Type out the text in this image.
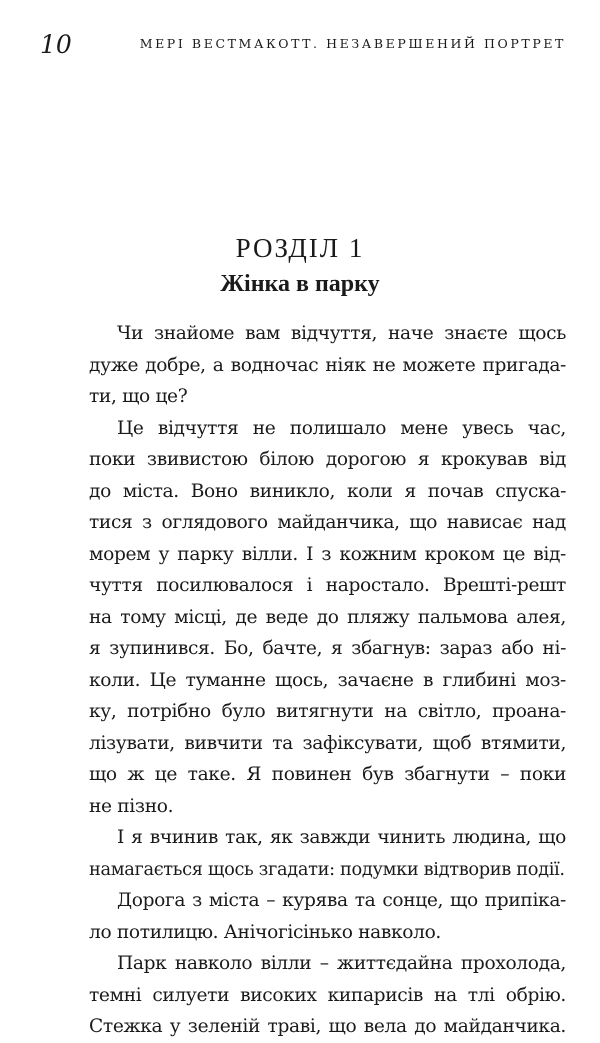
10	МЕРІ ВЕСТМАКОТТ. НЕЗАВЕРШЕНИЙ ПОРТРЕТ
РОЗДІЛ 1
Жінка в парку
Чи знайоме вам відчуття, наче знаєте щось
дуже добре, а водночас ніяк не можете пригада-
ти, що це?
Це відчуття не полишало мене увесь час,
поки звивистою білою дорогою я крокував від
до міста. Воно виникло, коли я почав спуска-
тися з оглядового майданчика, що нависає над
морем у парку вілли. І з кожним кроком це від-
чуття посилювалося і наростало. Врешті-решт
на тому місці, де веде до пляжу пальмова алея,
я зупинився. Бо, бачте, я збагнув: зараз або ні-
коли. Це туманне щось, зачаєне в глибині моз-
ку, потрібно було витягнути на світло, проана-
лізувати, вивчити та зафіксувати, щоб втямити,
що ж це таке. Я повинен був збагнути – поки
не пізно.
І я вчинив так, як завжди чинить людина, що
намагається щось згадати: подумки відтворив події.
Дорога з міста – курява та сонце, що припіка-
ло потилицю. Анічогісінько навколо.
Парк навколо вілли – життєдайна прохолода,
темні силуети високих кипарисів на тлі обрію.
Стежка у зеленій траві, що вела до майданчика.
